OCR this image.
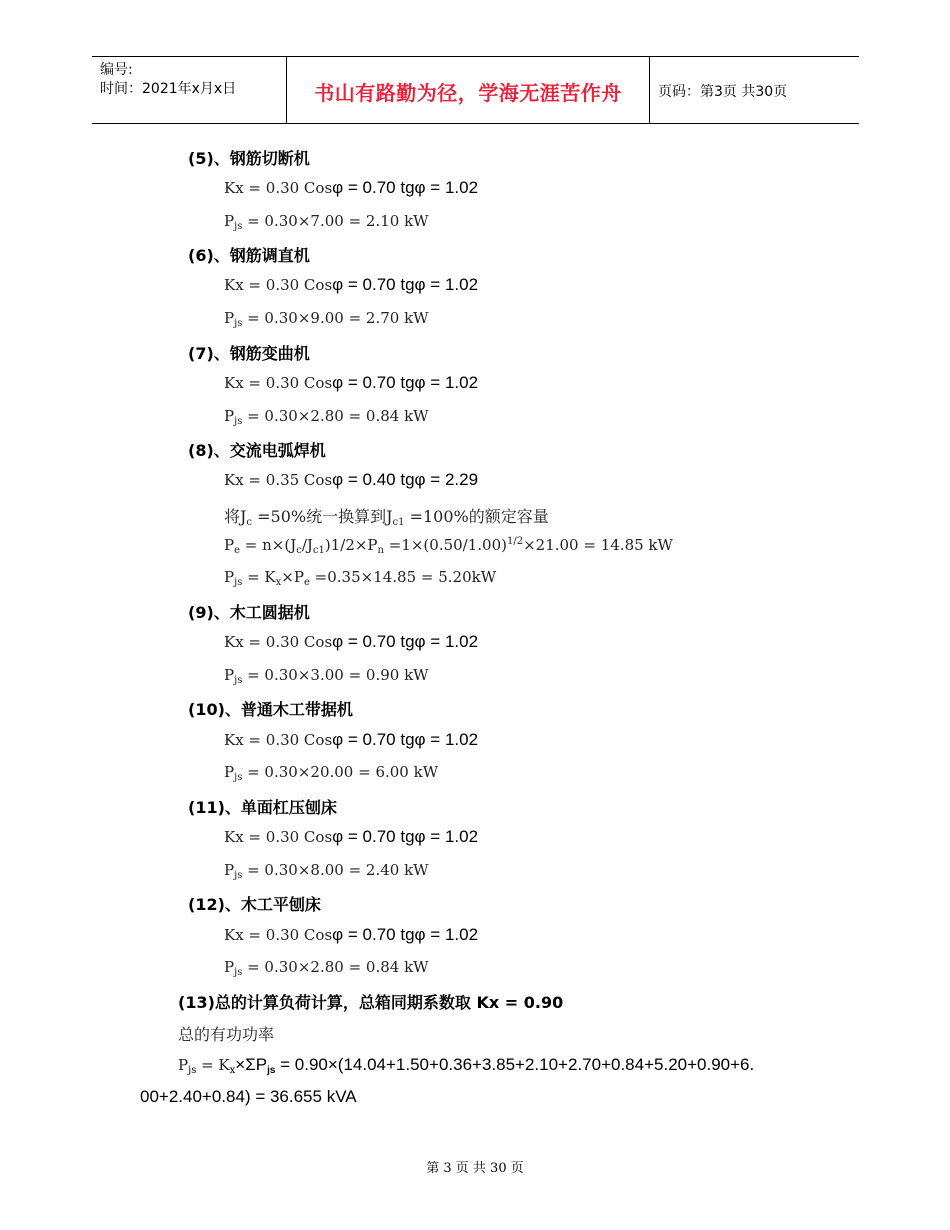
编号:
时间：2021年x月x日	书山有路勤为径，学海无涯苦作舟	页码：第3页 共30页
(5)、钢筋切断机
Kx = 0.30 Cosφ = 0.70 tgφ = 1.02
$P_{js} = 0.30\times 7.00 = 2.10$ kW
(6)、钢筋调直机
Kx = 0.30 Cosφ = 0.70 tgφ = 1.02
$P_{js} = 0.30\times 9.00 = 2.70$ kW
(7)、钢筋变曲机
Kx = 0.30 Cosφ = 0.70 tgφ = 1.02
$P_{js} = 0.30\times 2.80 = 0.84$ kW
(8)、交流电弧焊机
Kx = 0.35 Cosφ = 0.40 tgφ = 2.29
将$J_c =50\%$统一换算到$J_{c1} =100\%$的额定容量
$P_e = n\times(J_c/J_{c1})1/2\times P_n =1\times(0.50/1.00)^{1/2}\times 21.00 = 14.85$ kW
$P_{js} = K_x\times P_e =0.35\times 14.85 = 5.20kW$
(9)、木工圆据机
Kx = 0.30 Cosφ = 0.70 tgφ = 1.02
$P_{js} = 0.30\times 3.00 = 0.90$ kW
(10)、普通木工带据机
Kx = 0.30 Cosφ = 0.70 tgφ = 1.02
$P_{js} = 0.30\times 20.00 = 6.00$ kW
(11)、单面杠压刨床
Kx = 0.30 Cosφ = 0.70 tgφ = 1.02
$P_{js} = 0.30\times 8.00 = 2.40$ kW
(12)、木工平刨床
Kx = 0.30 Cosφ = 0.70 tgφ = 1.02
$P_{js} = 0.30\times 2.80 = 0.84$ kW
(13)总的计算负荷计算，总箱同期系数取 Kx = 0.90
总的有功功率
$P_{js} = K_x\times\Sigma P_{js} = 0.90\times(14.04+1.50+0.36+3.85+2.10+2.70+0.84+5.20+0.90+6$.
00+2.40+0.84) = 36.655 kVA
第 3 页 共 30 页
